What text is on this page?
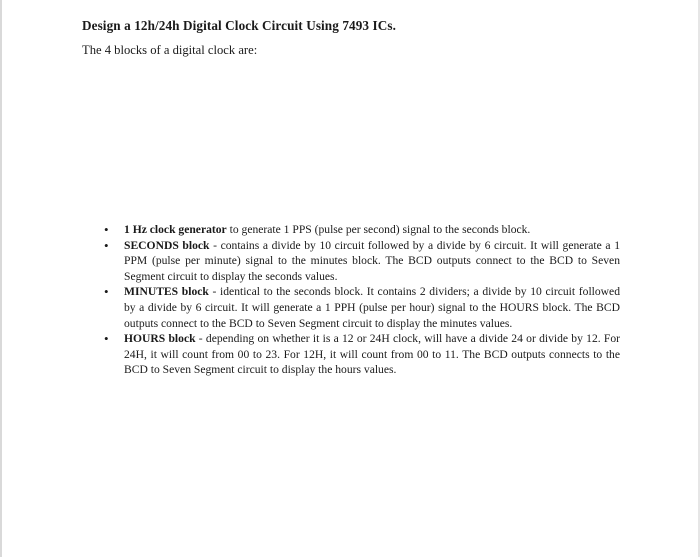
Design a 12h/24h Digital Clock Circuit Using 7493 ICs.
The 4 blocks of a digital clock are:
• 1 Hz clock generator to generate 1 PPS (pulse per second) signal to the seconds block.
• SECONDS block - contains a divide by 10 circuit followed by a divide by 6 circuit. It will generate a 1 PPM (pulse per minute) signal to the minutes block. The BCD outputs connect to the BCD to Seven Segment circuit to display the seconds values.
• MINUTES block - identical to the seconds block. It contains 2 dividers; a divide by 10 circuit followed by a divide by 6 circuit. It will generate a 1 PPH (pulse per hour) signal to the HOURS block. The BCD outputs connect to the BCD to Seven Segment circuit to display the minutes values.
• HOURS block - depending on whether it is a 12 or 24H clock, will have a divide 24 or divide by 12. For 24H, it will count from 00 to 23. For 12H, it will count from 00 to 11. The BCD outputs connects to the BCD to Seven Segment circuit to display the hours values.
